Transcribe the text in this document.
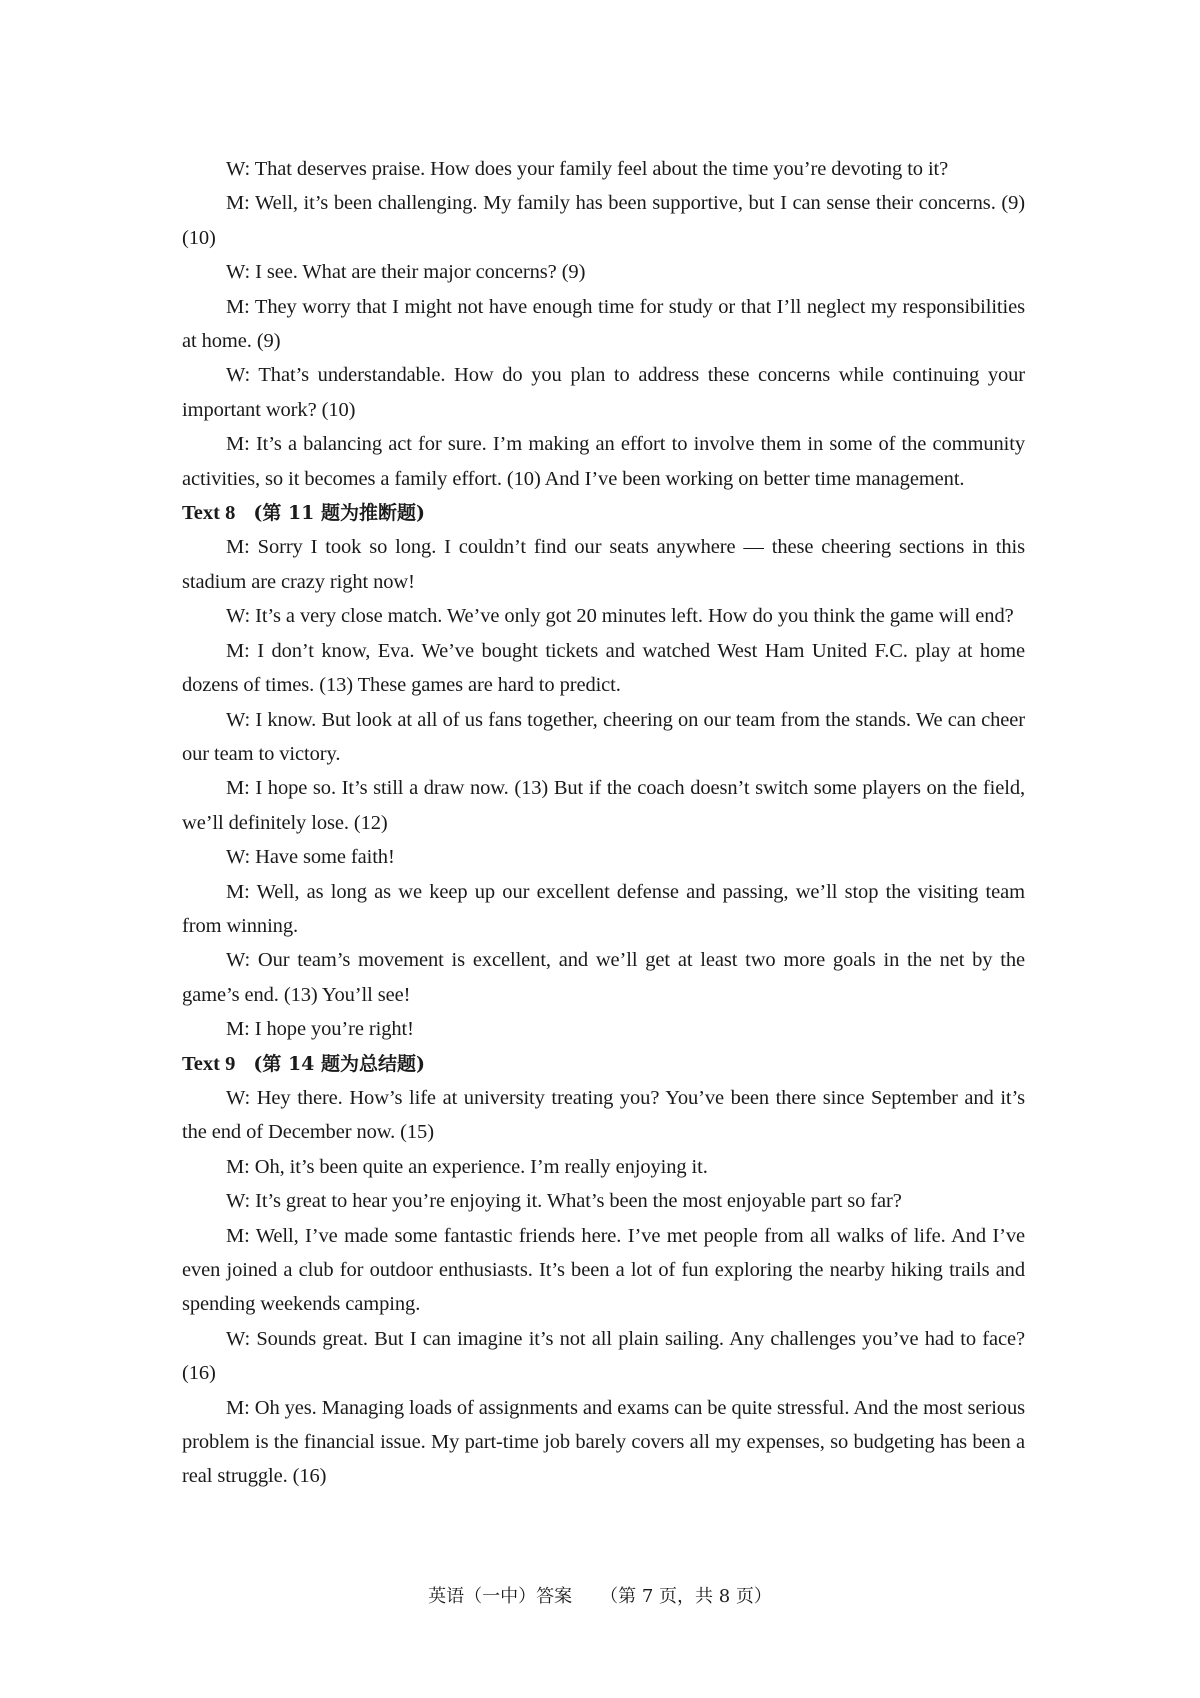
W: That deserves praise. How does your family feel about the time you’re devoting to it?

M: Well, it’s been challenging. My family has been supportive, but I can sense their concerns. (9) (10)

W: I see. What are their major concerns? (9)

M: They worry that I might not have enough time for study or that I’ll neglect my responsibilities at home. (9)

W: That’s understandable. How do you plan to address these concerns while continuing your important work? (10)

M: It’s a balancing act for sure. I’m making an effort to involve them in some of the community activities, so it becomes a family effort. (10) And I’ve been working on better time management.

Text 8 (第 11 题为推断题)

M: Sorry I took so long. I couldn’t find our seats anywhere — these cheering sections in this stadium are crazy right now!

W: It’s a very close match. We’ve only got 20 minutes left. How do you think the game will end?

M: I don’t know, Eva. We’ve bought tickets and watched West Ham United F.C. play at home dozens of times. (13) These games are hard to predict.

W: I know. But look at all of us fans together, cheering on our team from the stands. We can cheer our team to victory.

M: I hope so. It’s still a draw now. (13) But if the coach doesn’t switch some players on the field, we’ll definitely lose. (12)

W: Have some faith!

M: Well, as long as we keep up our excellent defense and passing, we’ll stop the visiting team from winning.

W: Our team’s movement is excellent, and we’ll get at least two more goals in the net by the game’s end. (13) You’ll see!

M: I hope you’re right!

Text 9 (第 14 题为总结题)

W: Hey there. How’s life at university treating you? You’ve been there since September and it’s the end of December now. (15)

M: Oh, it’s been quite an experience. I’m really enjoying it.

W: It’s great to hear you’re enjoying it. What’s been the most enjoyable part so far?

M: Well, I’ve made some fantastic friends here. I’ve met people from all walks of life. And I’ve even joined a club for outdoor enthusiasts. It’s been a lot of fun exploring the nearby hiking trails and spending weekends camping.

W: Sounds great. But I can imagine it’s not all plain sailing. Any challenges you’ve had to face? (16)

M: Oh yes. Managing loads of assignments and exams can be quite stressful. And the most serious problem is the financial issue. My part-time job barely covers all my expenses, so budgeting has been a real struggle. (16)

英语（一中）答案 （第 7 页，共 8 页）
